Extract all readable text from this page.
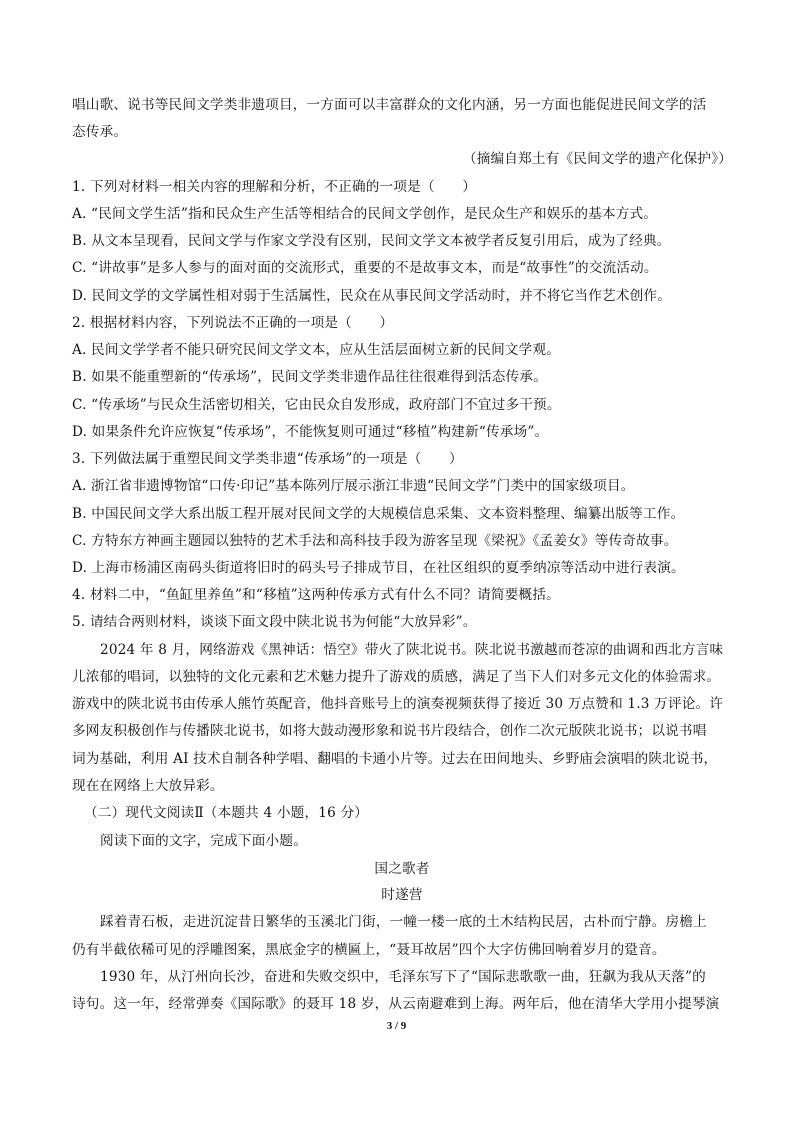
唱山歌、说书等民间文学类非遗项目，一方面可以丰富群众的文化内涵，另一方面也能促进民间文学的活
态传承。
（摘编自郑土有《民间文学的遗产化保护》）
1. 下列对材料一相关内容的理解和分析，不正确的一项是（　　）
A. “民间文学生活”指和民众生产生活等相结合的民间文学创作，是民众生产和娱乐的基本方式。
B. 从文本呈现看，民间文学与作家文学没有区别，民间文学文本被学者反复引用后，成为了经典。
C. “讲故事”是多人参与的面对面的交流形式，重要的不是故事文本，而是“故事性”的交流活动。
D. 民间文学的文学属性相对弱于生活属性，民众在从事民间文学活动时，并不将它当作艺术创作。
2. 根据材料内容，下列说法不正确的一项是（　　）
A. 民间文学学者不能只研究民间文学文本，应从生活层面树立新的民间文学观。
B. 如果不能重塑新的“传承场”，民间文学类非遗作品往往很难得到活态传承。
C. “传承场”与民众生活密切相关，它由民众自发形成，政府部门不宜过多干预。
D. 如果条件允许应恢复“传承场”，不能恢复则可通过“移植”构建新“传承场”。
3. 下列做法属于重塑民间文学类非遗“传承场”的一项是（　　）
A. 浙江省非遗博物馆“口传·印记”基本陈列厅展示浙江非遗“民间文学”门类中的国家级项目。
B. 中国民间文学大系出版工程开展对民间文学的大规模信息采集、文本资料整理、编纂出版等工作。
C. 方特东方神画主题园以独特的艺术手法和高科技手段为游客呈现《梁祝》《孟姜女》等传奇故事。
D. 上海市杨浦区南码头街道将旧时的码头号子排成节目，在社区组织的夏季纳凉等活动中进行表演。
4. 材料二中，“鱼缸里养鱼”和“移植”这两种传承方式有什么不同？请简要概括。
5. 请结合两则材料，谈谈下面文段中陕北说书为何能“大放异彩”。
2024 年 8 月，网络游戏《黑神话：悟空》带火了陕北说书。陕北说书激越而苍凉的曲调和西北方言味
儿浓郁的唱词，以独特的文化元素和艺术魅力提升了游戏的质感，满足了当下人们对多元文化的体验需求。
游戏中的陕北说书由传承人熊竹英配音，他抖音账号上的演奏视频获得了接近 30 万点赞和 1.3 万评论。许
多网友积极创作与传播陕北说书，如将大鼓动漫形象和说书片段结合，创作二次元版陕北说书；以说书唱
词为基础，利用 AI 技术自制各种学唱、翻唱的卡通小片等。过去在田间地头、乡野庙会演唱的陕北说书，
现在在网络上大放异彩。
（二）现代文阅读Ⅱ（本题共 4 小题，16 分）
阅读下面的文字，完成下面小题。
国之歌者
时遂营
踩着青石板，走进沉淀昔日繁华的玉溪北门街，一幢一楼一底的土木结构民居，古朴而宁静。房檐上
仍有半截依稀可见的浮雕图案，黑底金字的横匾上，“聂耳故居”四个大字仿佛回响着岁月的跫音。
1930 年，从汀州向长沙，奋进和失败交织中，毛泽东写下了“国际悲歌歌一曲，狂飙为我从天落”的
诗句。这一年，经常弹奏《国际歌》的聂耳 18 岁，从云南避难到上海。两年后，他在清华大学用小提琴演
3 / 9
